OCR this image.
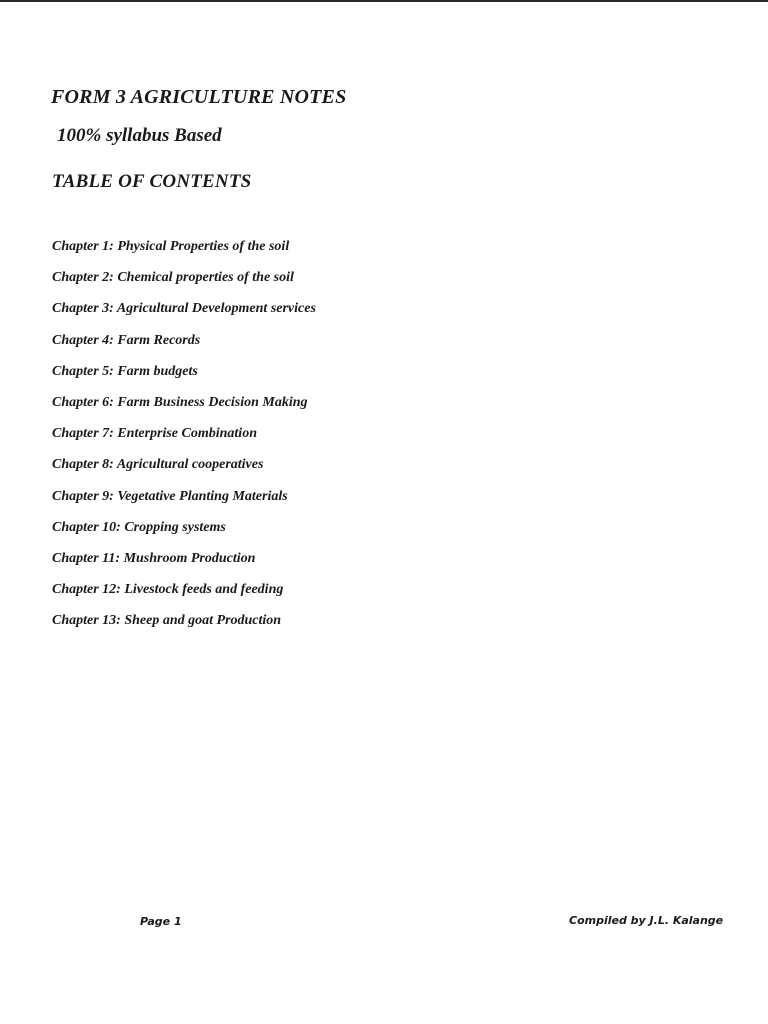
FORM 3 AGRICULTURE NOTES
100% syllabus Based
TABLE OF CONTENTS
Chapter 1: Physical Properties of the soil
Chapter 2: Chemical properties of the soil
Chapter 3: Agricultural Development services
Chapter 4: Farm Records
Chapter 5: Farm budgets
Chapter 6: Farm Business Decision Making
Chapter 7: Enterprise Combination
Chapter 8: Agricultural cooperatives
Chapter 9: Vegetative Planting Materials
Chapter 10: Cropping systems
Chapter 11: Mushroom Production
Chapter 12: Livestock feeds and feeding
Chapter 13: Sheep and goat Production
Page 1	Compiled by J.L. Kalange
